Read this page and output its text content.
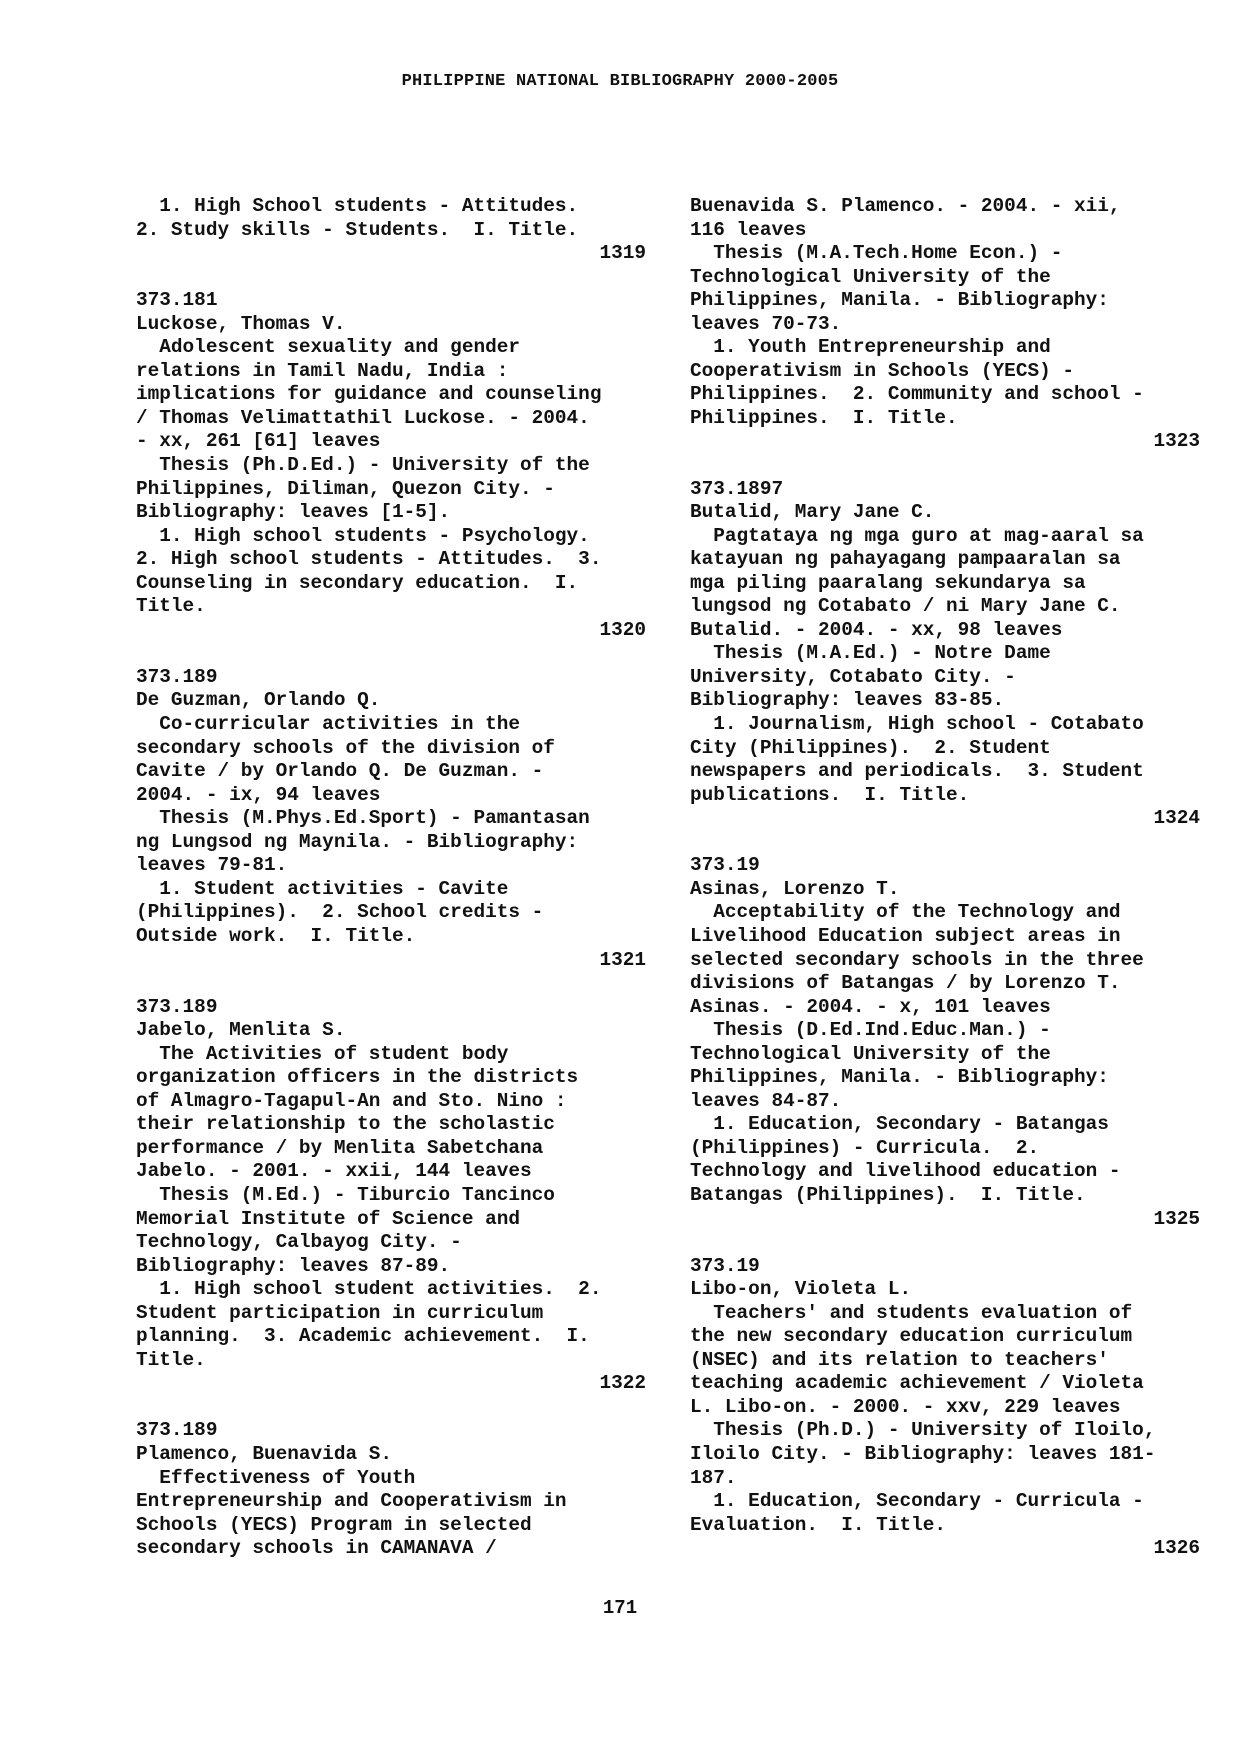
PHILIPPINE NATIONAL BIBLIOGRAPHY 2000-2005
1. High School students - Attitudes.
2. Study skills - Students.  I. Title.
1319
373.181
Luckose, Thomas V.
Adolescent sexuality and gender
relations in Tamil Nadu, India :
implications for guidance and counseling
/ Thomas Velimattathil Luckose. - 2004.
- xx, 261 [61] leaves
Thesis (Ph.D.Ed.) - University of the
Philippines, Diliman, Quezon City. -
Bibliography: leaves [1-5].
1. High school students - Psychology.
2. High school students - Attitudes.  3.
Counseling in secondary education.  I.
Title.
1320
373.189
De Guzman, Orlando Q.
Co-curricular activities in the
secondary schools of the division of
Cavite / by Orlando Q. De Guzman. -
2004. - ix, 94 leaves
Thesis (M.Phys.Ed.Sport) - Pamantasan
ng Lungsod ng Maynila. - Bibliography:
leaves 79-81.
1. Student activities - Cavite
(Philippines).  2. School credits -
Outside work.  I. Title.
1321
373.189
Jabelo, Menlita S.
The Activities of student body
organization officers in the districts
of Almagro-Tagapul-An and Sto. Nino :
their relationship to the scholastic
performance / by Menlita Sabetchana
Jabelo. - 2001. - xxii, 144 leaves
Thesis (M.Ed.) - Tiburcio Tancinco
Memorial Institute of Science and
Technology, Calbayog City. -
Bibliography: leaves 87-89.
1. High school student activities.  2.
Student participation in curriculum
planning.  3. Academic achievement.  I.
Title.
1322
373.189
Plamenco, Buenavida S.
Effectiveness of Youth
Entrepreneurship and Cooperativism in
Schools (YECS) Program in selected
secondary schools in CAMANAVA /
Buenavida S. Plamenco. - 2004. - xii,
116 leaves
Thesis (M.A.Tech.Home Econ.) -
Technological University of the
Philippines, Manila. - Bibliography:
leaves 70-73.
1. Youth Entrepreneurship and
Cooperativism in Schools (YECS) -
Philippines.  2. Community and school -
Philippines.  I. Title.
1323
373.1897
Butalid, Mary Jane C.
Pagtataya ng mga guro at mag-aaral sa
katayuan ng pahayagang pampaaralan sa
mga piling paaralang sekundarya sa
lungsod ng Cotabato / ni Mary Jane C.
Butalid. - 2004. - xx, 98 leaves
Thesis (M.A.Ed.) - Notre Dame
University, Cotabato City. -
Bibliography: leaves 83-85.
1. Journalism, High school - Cotabato
City (Philippines).  2. Student
newspapers and periodicals.  3. Student
publications.  I. Title.
1324
373.19
Asinas, Lorenzo T.
Acceptability of the Technology and
Livelihood Education subject areas in
selected secondary schools in the three
divisions of Batangas / by Lorenzo T.
Asinas. - 2004. - x, 101 leaves
Thesis (D.Ed.Ind.Educ.Man.) -
Technological University of the
Philippines, Manila. - Bibliography:
leaves 84-87.
1. Education, Secondary - Batangas
(Philippines) - Curricula.  2.
Technology and livelihood education -
Batangas (Philippines).  I. Title.
1325
373.19
Libo-on, Violeta L.
Teachers' and students evaluation of
the new secondary education curriculum
(NSEC) and its relation to teachers'
teaching academic achievement / Violeta
L. Libo-on. - 2000. - xxv, 229 leaves
Thesis (Ph.D.) - University of Iloilo,
Iloilo City. - Bibliography: leaves 181-
187.
1. Education, Secondary - Curricula -
Evaluation.  I. Title.
1326
171
